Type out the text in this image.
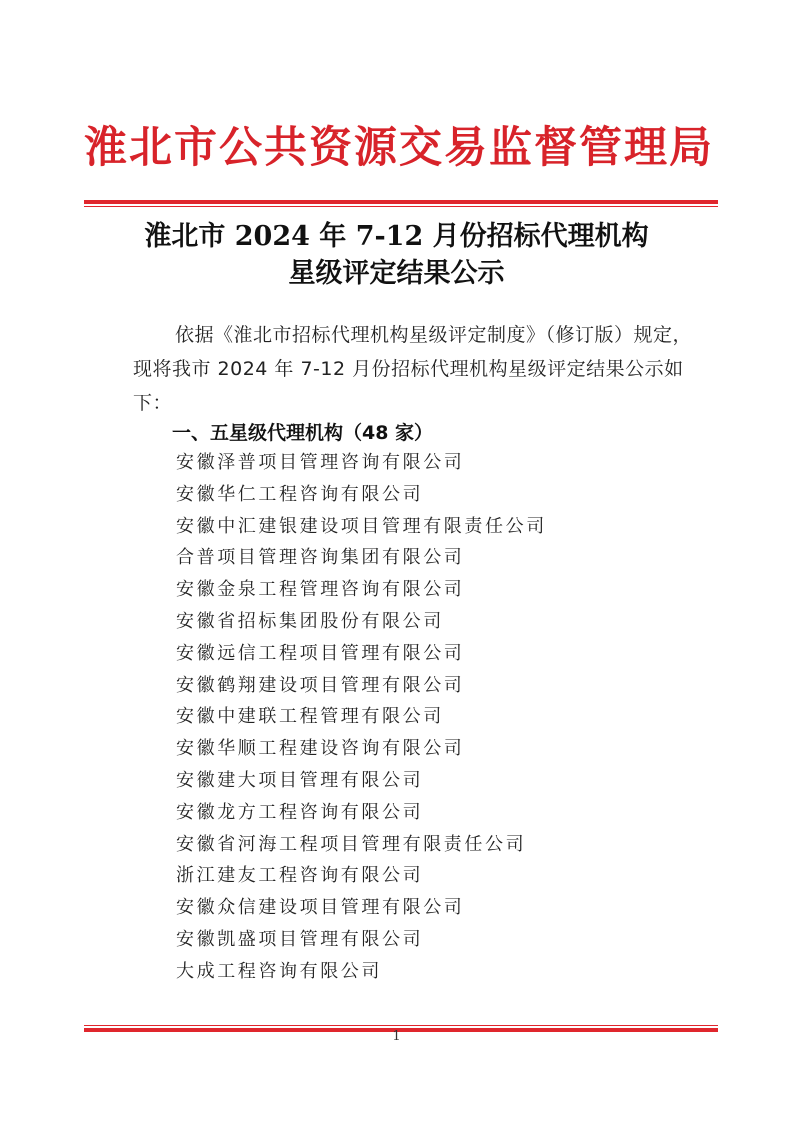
淮北市公共资源交易监督管理局
淮北市 2024 年 7-12 月份招标代理机构
星级评定结果公示

依据《淮北市招标代理机构星级评定制度》（修订版）规定，现将我市 2024 年 7-12 月份招标代理机构星级评定结果公示如下：

一、五星级代理机构（48 家）
安徽泽普项目管理咨询有限公司
安徽华仁工程咨询有限公司
安徽中汇建银建设项目管理有限责任公司
合普项目管理咨询集团有限公司
安徽金泉工程管理咨询有限公司
安徽省招标集团股份有限公司
安徽远信工程项目管理有限公司
安徽鹤翔建设项目管理有限公司
安徽中建联工程管理有限公司
安徽华顺工程建设咨询有限公司
安徽建大项目管理有限公司
安徽龙方工程咨询有限公司
安徽省河海工程项目管理有限责任公司
浙江建友工程咨询有限公司
安徽众信建设项目管理有限公司
安徽凯盛项目管理有限公司
大成工程咨询有限公司
1
